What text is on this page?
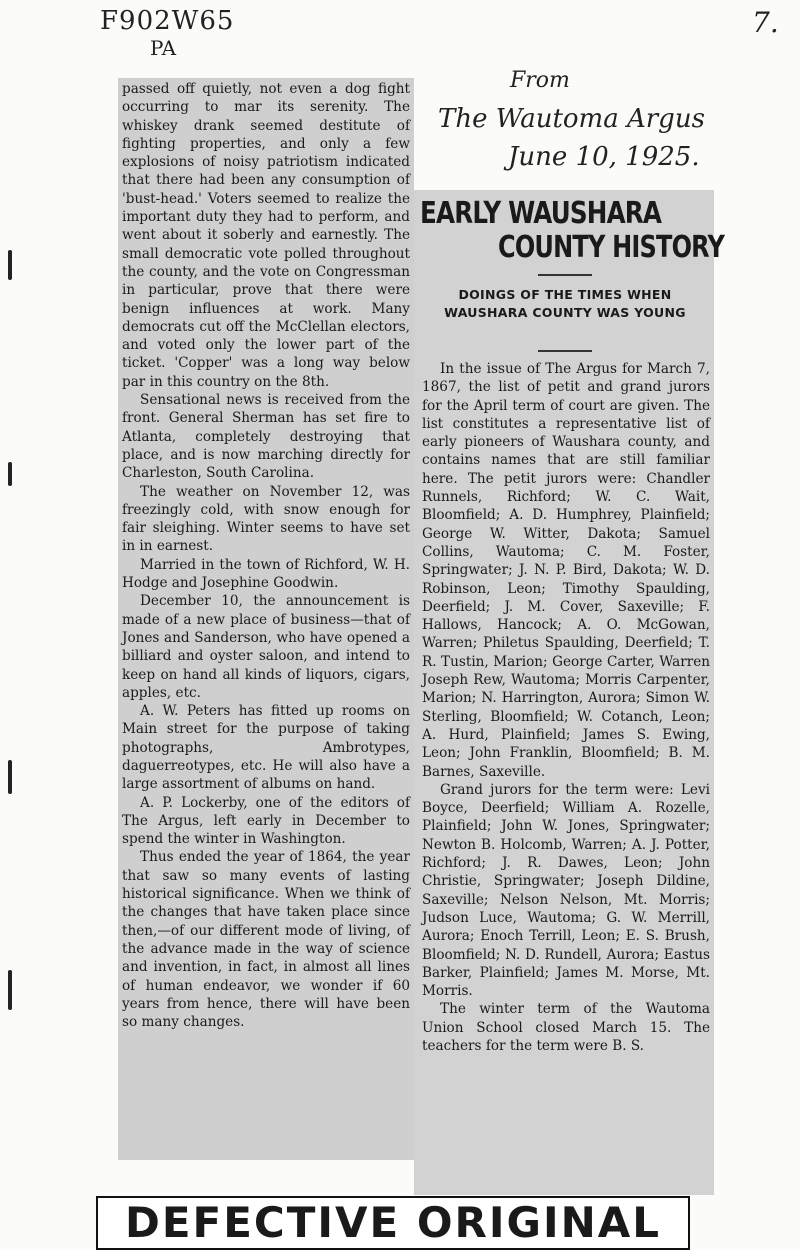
F902W65
PA
7.
From
The Wautoma Argus
June 10, 1925.

passed off quietly, not even a dog fight occurring to mar its serenity. The whiskey drank seemed destitute of fighting properties, and only a few explosions of noisy patriotism indicated that there had been any consumption of 'bust-head.' Voters seemed to realize the important duty they had to perform, and went about it soberly and earnestly. The small democratic vote polled throughout the county, and the vote on Congressman in particular, prove that there were benign influences at work. Many democrats cut off the McClellan electors, and voted only the lower part of the ticket. 'Copper' was a long way below par in this country on the 8th.

Sensational news is received from the front. General Sherman has set fire to Atlanta, completely destroying that place, and is now marching directly for Charleston, South Carolina.

The weather on November 12, was freezingly cold, with snow enough for fair sleighing. Winter seems to have set in in earnest.

Married in the town of Richford, W. H. Hodge and Josephine Goodwin.

December 10, the announcement is made of a new place of business—that of Jones and Sanderson, who have opened a billiard and oyster saloon, and intend to keep on hand all kinds of liquors, cigars, apples, etc.

A. W. Peters has fitted up rooms on Main street for the purpose of taking photographs, Ambrotypes, daguerreotypes, etc. He will also have a large assortment of albums on hand.

A. P. Lockerby, one of the editors of The Argus, left early in December to spend the winter in Washington.

Thus ended the year of 1864, the year that saw so many events of lasting historical significance. When we think of the changes that have taken place since then,—of our different mode of living, of the advance made in the way of science and invention, in fact, in almost all lines of human endeavor, we wonder if 60 years from hence, there will have been so many changes.

In the issue of The Argus for March 7, 1867, the list of petit and grand jurors for the April term of court are given. The list constitutes a representative list of early pioneers of Waushara county, and contains names that are still familiar here. The petit jurors were: Chandler Runnels, Richford; W. C. Wait, Bloomfield; A. D. Humphrey, Plainfield; George W. Witter, Dakota; Samuel Collins, Wautoma; C. M. Foster, Springwater; J. N. P. Bird, Dakota; W. D. Robinson, Leon; Timothy Spaulding, Deerfield; J. M. Cover, Saxeville; F. Hallows, Hancock; A. O. McGowan, Warren; Philetus Spaulding, Deerfield; T. R. Tustin, Marion; George Carter, Warren Joseph Rew, Wautoma; Morris Carpenter, Marion; N. Harrington, Aurora; Simon W. Sterling, Bloomfield; W. Cotanch, Leon; A. Hurd, Plainfield; James S. Ewing, Leon; John Franklin, Bloomfield; B. M. Barnes, Saxeville.

Grand jurors for the term were: Levi Boyce, Deerfield; William A. Rozelle, Plainfield; John W. Jones, Springwater; Newton B. Holcomb, Warren; A. J. Potter, Richford; J. R. Dawes, Leon; John Christie, Springwater; Joseph Dildine, Saxeville; Nelson Nelson, Mt. Morris; Judson Luce, Wautoma; G. W. Merrill, Aurora; Enoch Terrill, Leon; E. S. Brush, Bloomfield; N. D. Rundell, Aurora; Eastus Barker, Plainfield; James M. Morse, Mt. Morris.

The winter term of the Wautoma Union School closed March 15. The teachers for the term were B. S.

EARLY WAUSHARA
COUNTY HISTORY
DOINGS OF THE TIMES WHEN WAUSHARA COUNTY WAS YOUNG
DEFECTIVE ORIGINAL
